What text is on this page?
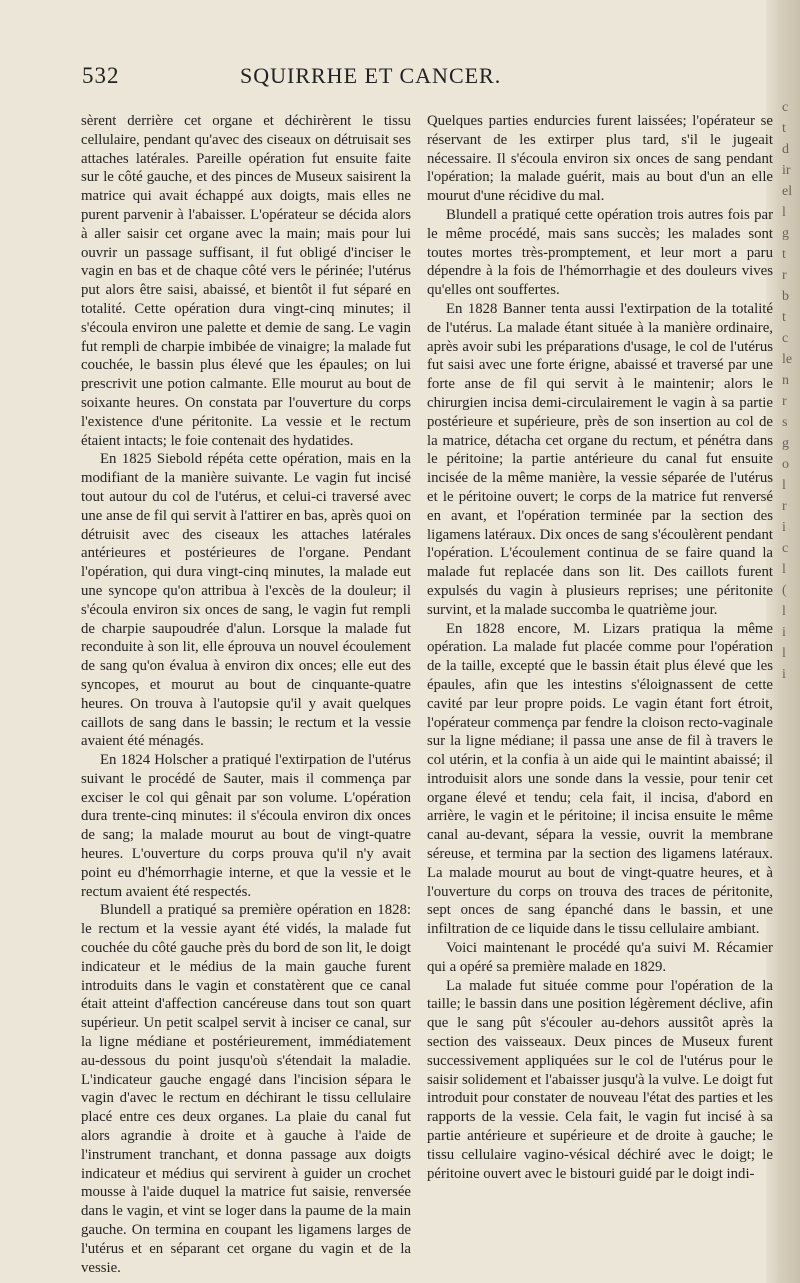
c
t
d
ir
el
l
g
t
r
b
t
c
le
n
r
s
g
o
l
r
i
c
l
(
l
i
l
i
532	SQUIRRHE ET CANCER.

sèrent derrière cet organe et déchirèrent le tissu cellulaire, pendant qu'avec des ciseaux on détruisait ses attaches latérales. Pareille opération fut ensuite faite sur le côté gauche, et des pinces de Museux saisirent la matrice qui avait échappé aux doigts, mais elles ne purent parvenir à l'abaisser. L'opérateur se décida alors à aller saisir cet organe avec la main; mais pour lui ouvrir un passage suffisant, il fut obligé d'inciser le vagin en bas et de chaque côté vers le périnée; l'utérus put alors être saisi, abaissé, et bientôt il fut séparé en totalité. Cette opération dura vingt-cinq minutes; il s'écoula environ une palette et demie de sang. Le vagin fut rempli de charpie imbibée de vinaigre; la malade fut couchée, le bassin plus élevé que les épaules; on lui prescrivit une potion calmante. Elle mourut au bout de soixante heures. On constata par l'ouverture du corps l'existence d'une péritonite. La vessie et le rectum étaient intacts; le foie contenait des hydatides.

En 1825 Siebold répéta cette opération, mais en la modifiant de la manière suivante. Le vagin fut incisé tout autour du col de l'utérus, et celui-ci traversé avec une anse de fil qui servit à l'attirer en bas, après quoi on détruisit avec des ciseaux les attaches latérales antérieures et postérieures de l'organe. Pendant l'opération, qui dura vingt-cinq minutes, la malade eut une syncope qu'on attribua à l'excès de la douleur; il s'écoula environ six onces de sang, le vagin fut rempli de charpie saupoudrée d'alun. Lorsque la malade fut reconduite à son lit, elle éprouva un nouvel écoulement de sang qu'on évalua à environ dix onces; elle eut des syncopes, et mourut au bout de cinquante-quatre heures. On trouva à l'autopsie qu'il y avait quelques caillots de sang dans le bassin; le rectum et la vessie avaient été ménagés.

En 1824 Holscher a pratiqué l'extirpation de l'utérus suivant le procédé de Sauter, mais il commença par exciser le col qui gênait par son volume. L'opération dura trente-cinq minutes: il s'écoula environ dix onces de sang; la malade mourut au bout de vingt-quatre heures. L'ouverture du corps prouva qu'il n'y avait point eu d'hémorrhagie interne, et que la vessie et le rectum avaient été respectés.

Blundell a pratiqué sa première opération en 1828: le rectum et la vessie ayant été vidés, la malade fut couchée du côté gauche près du bord de son lit, le doigt indicateur et le médius de la main gauche furent introduits dans le vagin et constatèrent que ce canal était atteint d'affection cancéreuse dans tout son quart supérieur. Un petit scalpel servit à inciser ce canal, sur la ligne médiane et postérieurement, immédiatement au-dessous du point jusqu'où s'étendait la maladie. L'indicateur gauche engagé dans l'incision sépara le vagin d'avec le rectum en déchirant le tissu cellulaire placé entre ces deux organes. La plaie du canal fut alors agrandie à droite et à gauche à l'aide de l'instrument tranchant, et donna passage aux doigts indicateur et médius qui servirent à guider un crochet mousse à l'aide duquel la matrice fut saisie, renversée dans le vagin, et vint se loger dans la paume de la main gauche. On termina en coupant les ligamens larges de l'utérus et en séparant cet organe du vagin et de la vessie.

Quelques parties endurcies furent laissées; l'opérateur se réservant de les extirper plus tard, s'il le jugeait nécessaire. Il s'écoula environ six onces de sang pendant l'opération; la malade guérit, mais au bout d'un an elle mourut d'une récidive du mal.

Blundell a pratiqué cette opération trois autres fois par le même procédé, mais sans succès; les malades sont toutes mortes très-promptement, et leur mort a paru dépendre à la fois de l'hémorrhagie et des douleurs vives qu'elles ont souffertes.

En 1828 Banner tenta aussi l'extirpation de la totalité de l'utérus. La malade étant située à la manière ordinaire, après avoir subi les préparations d'usage, le col de l'utérus fut saisi avec une forte érigne, abaissé et traversé par une forte anse de fil qui servit à le maintenir; alors le chirurgien incisa demi-circulairement le vagin à sa partie postérieure et supérieure, près de son insertion au col de la matrice, détacha cet organe du rectum, et pénétra dans le péritoine; la partie antérieure du canal fut ensuite incisée de la même manière, la vessie séparée de l'utérus et le péritoine ouvert; le corps de la matrice fut renversé en avant, et l'opération terminée par la section des ligamens latéraux. Dix onces de sang s'écoulèrent pendant l'opération. L'écoulement continua de se faire quand la malade fut replacée dans son lit. Des caillots furent expulsés du vagin à plusieurs reprises; une péritonite survint, et la malade succomba le quatrième jour.

En 1828 encore, M. Lizars pratiqua la même opération. La malade fut placée comme pour l'opération de la taille, excepté que le bassin était plus élevé que les épaules, afin que les intestins s'éloignassent de cette cavité par leur propre poids. Le vagin étant fort étroit, l'opérateur commença par fendre la cloison recto-vaginale sur la ligne médiane; il passa une anse de fil à travers le col utérin, et la confia à un aide qui le maintint abaissé; il introduisit alors une sonde dans la vessie, pour tenir cet organe élevé et tendu; cela fait, il incisa, d'abord en arrière, le vagin et le péritoine; il incisa ensuite le même canal au-devant, sépara la vessie, ouvrit la membrane séreuse, et termina par la section des ligamens latéraux. La malade mourut au bout de vingt-quatre heures, et à l'ouverture du corps on trouva des traces de péritonite, sept onces de sang épanché dans le bassin, et une infiltration de ce liquide dans le tissu cellulaire ambiant.

Voici maintenant le procédé qu'a suivi M. Récamier qui a opéré sa première malade en 1829.

La malade fut située comme pour l'opération de la taille; le bassin dans une position légèrement déclive, afin que le sang pût s'écouler au-dehors aussitôt après la section des vaisseaux. Deux pinces de Museux furent successivement appliquées sur le col de l'utérus pour le saisir solidement et l'abaisser jusqu'à la vulve. Le doigt fut introduit pour constater de nouveau l'état des parties et les rapports de la vessie. Cela fait, le vagin fut incisé à sa partie antérieure et supérieure et de droite à gauche; le tissu cellulaire vagino-vésical déchiré avec le doigt; le péritoine ouvert avec le bistouri guidé par le doigt indi-
